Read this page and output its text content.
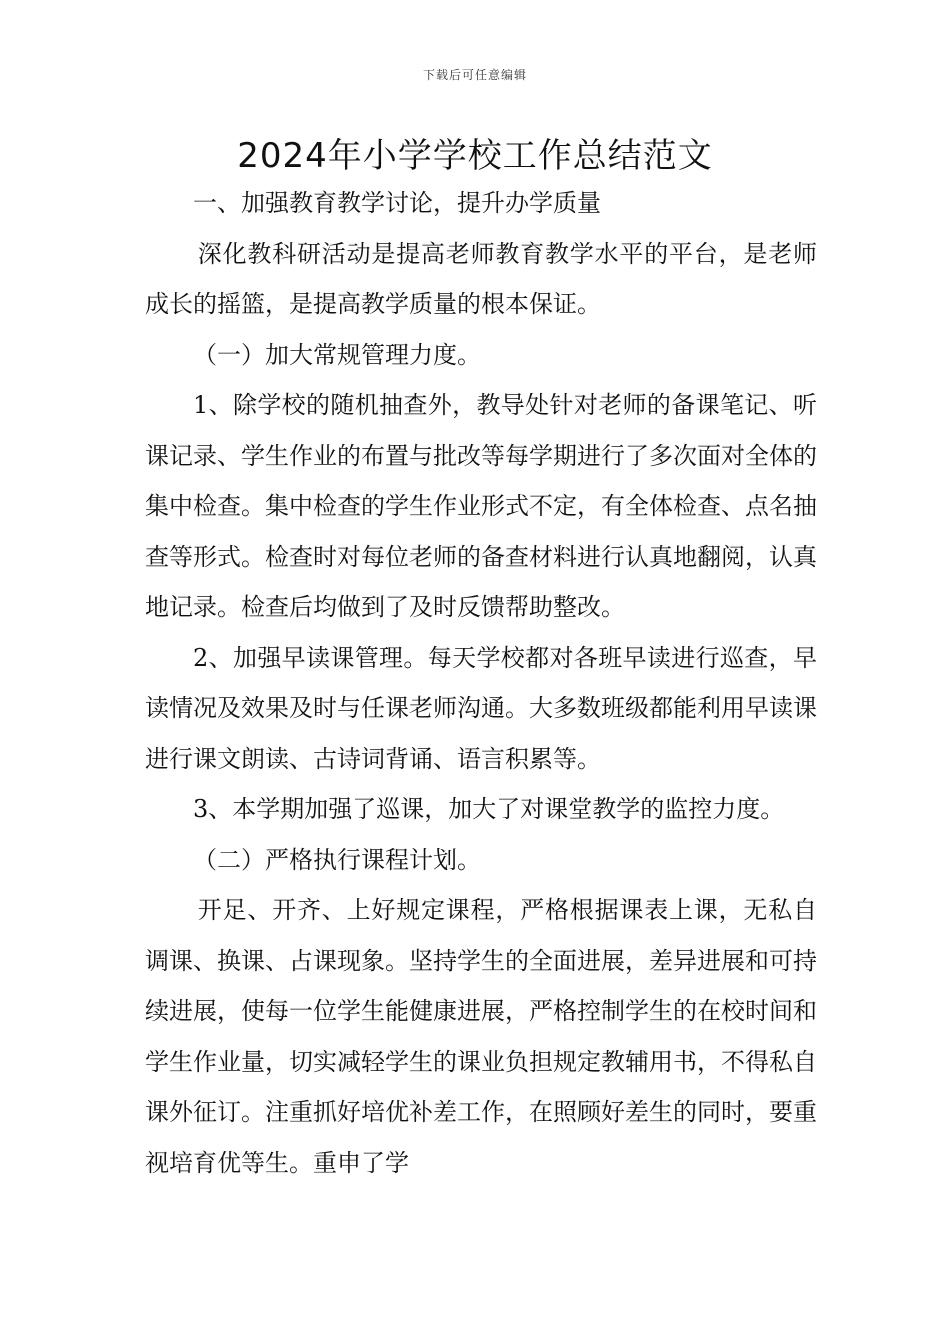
下载后可任意编辑
2024年小学学校工作总结范文

一、加强教育教学讨论，提升办学质量

深化教科研活动是提高老师教育教学水平的平台，是老师成长的摇篮，是提高教学质量的根本保证。

（一）加大常规管理力度。

1、除学校的随机抽查外，教导处针对老师的备课笔记、听课记录、学生作业的布置与批改等每学期进行了多次面对全体的集中检查。集中检查的学生作业形式不定，有全体检查、点名抽查等形式。检查时对每位老师的备查材料进行认真地翻阅，认真地记录。检查后均做到了及时反馈帮助整改。

2、加强早读课管理。每天学校都对各班早读进行巡查，早读情况及效果及时与任课老师沟通。大多数班级都能利用早读课进行课文朗读、古诗词背诵、语言积累等。

3、本学期加强了巡课，加大了对课堂教学的监控力度。

（二）严格执行课程计划。

开足、开齐、上好规定课程，严格根据课表上课，无私自调课、换课、占课现象。坚持学生的全面进展，差异进展和可持续进展，使每一位学生能健康进展，严格控制学生的在校时间和学生作业量，切实减轻学生的课业负担规定教辅用书，不得私自课外征订。注重抓好培优补差工作，在照顾好差生的同时，要重视培育优等生。重申了学
